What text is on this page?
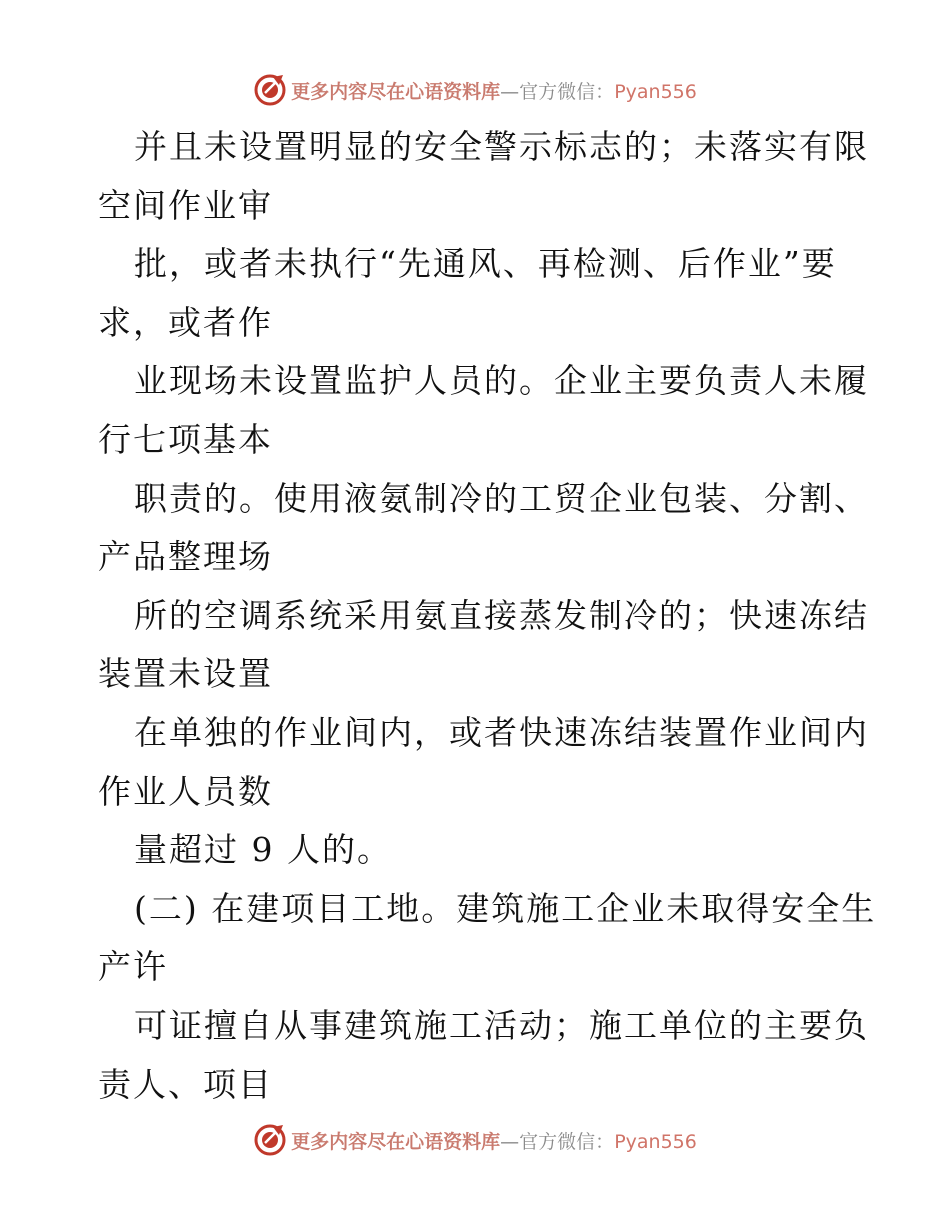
更多内容尽在心语资料库—官方微信：Pyan556
并且未设置明显的安全警示标志的；未落实有限
空间作业审
批，或者未执行“先通风、再检测、后作业”要
求，或者作
业现场未设置监护人员的。企业主要负责人未履
行七项基本
职责的。使用液氨制冷的工贸企业包装、分割、
产品整理场
所的空调系统采用氨直接蒸发制冷的；快速冻结
装置未设置
在单独的作业间内，或者快速冻结装置作业间内
作业人员数
量超过 9 人的。
(二) 在建项目工地。建筑施工企业未取得安全生
产许
可证擅自从事建筑施工活动；施工单位的主要负
责人、项目
更多内容尽在心语资料库—官方微信：Pyan556
